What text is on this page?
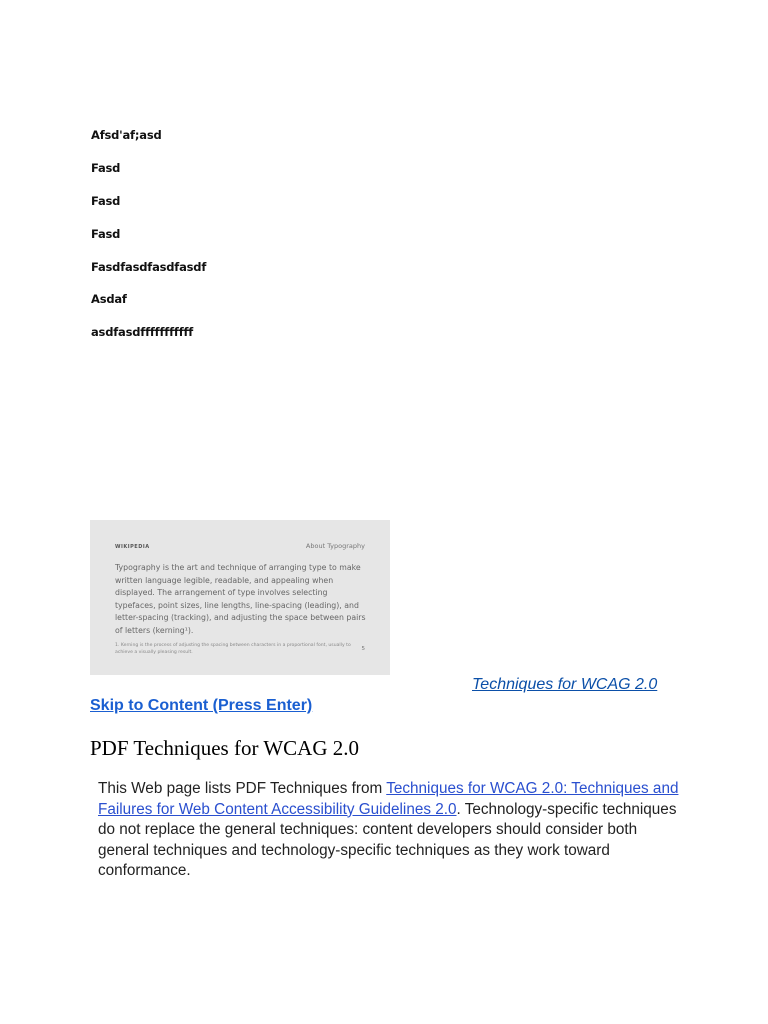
Afsd'af;asd
Fasd
Fasd
Fasd
Fasdfasdfasdfasdf
Asdaf
asdfasdfffffffffff
WIKIPEDIA	About Typography
Typography is the art and technique of arranging type to make written language legible, readable, and appealing when displayed. The arrangement of type involves selecting typefaces, point sizes, line lengths, line-spacing (leading), and letter-spacing (tracking), and adjusting the space between pairs of letters (kerning¹).
1. Kerning is the process of adjusting the spacing between characters in a proportional font, usually to achieve a visually pleasing result.
5
Techniques for WCAG 2.0
Skip to Content (Press Enter)
PDF Techniques for WCAG 2.0

This Web page lists PDF Techniques from Techniques for WCAG 2.0: Techniques and Failures for Web Content Accessibility Guidelines 2.0. Technology-specific techniques do not replace the general techniques: content developers should consider both general techniques and technology-specific techniques as they work toward conformance.
